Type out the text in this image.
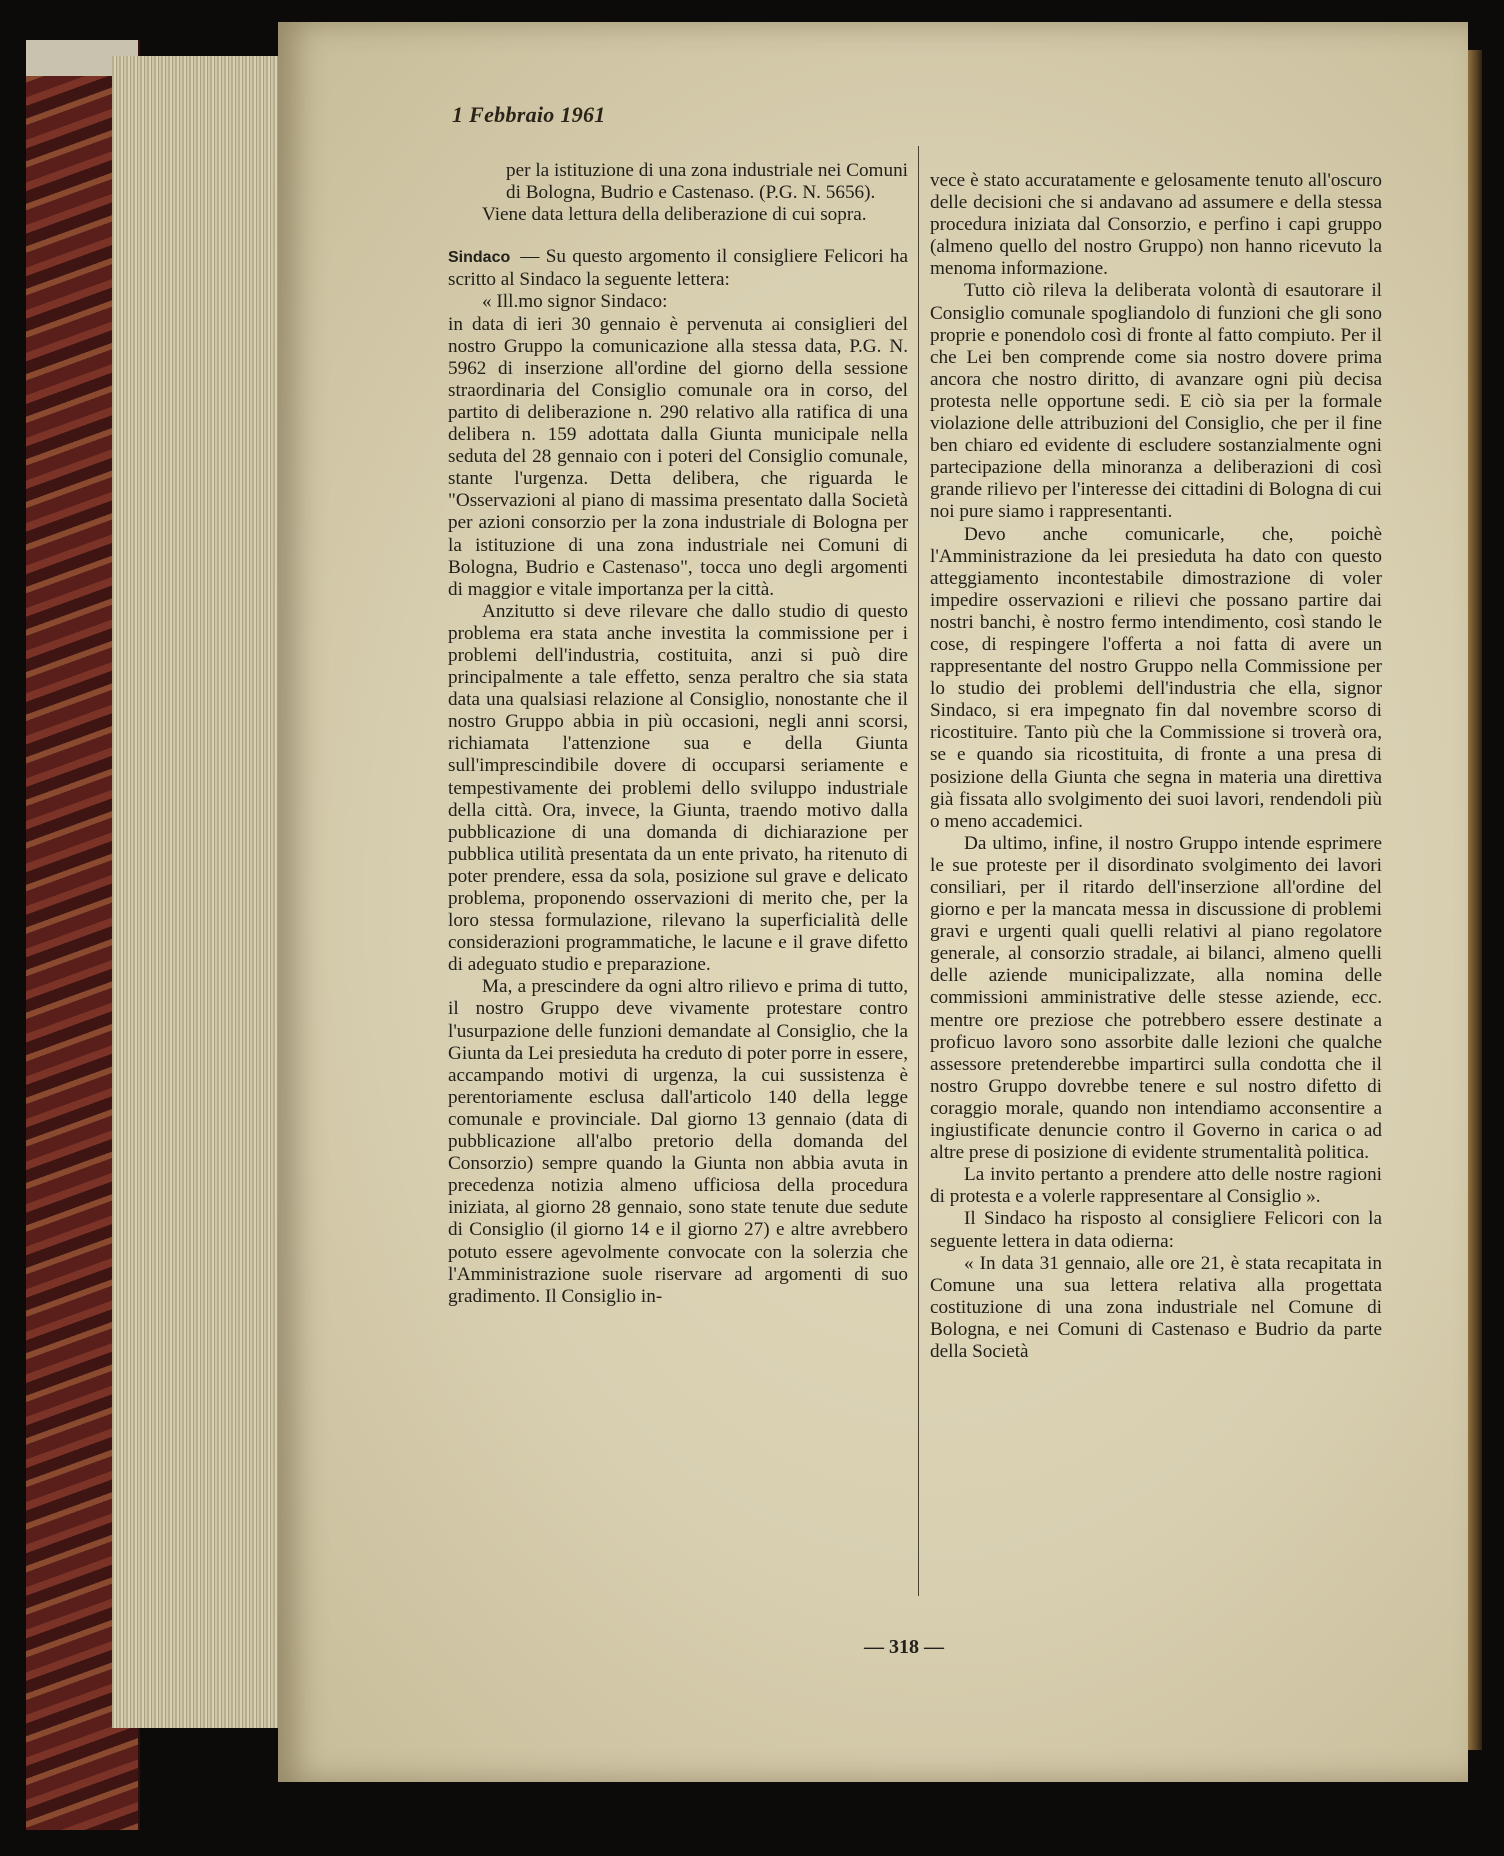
1 Febbraio 1961

per la istituzione di una zona industriale nei Comuni di Bologna, Budrio e Castenaso. (P.G. N. 5656).

Viene data lettura della deliberazione di cui sopra.

Sindaco — Su questo argomento il consigliere Felicori ha scritto al Sindaco la seguente lettera:

« Ill.mo signor Sindaco:

in data di ieri 30 gennaio è pervenuta ai consiglieri del nostro Gruppo la comunicazione alla stessa data, P.G. N. 5962 di inserzione all'ordine del giorno della sessione straordinaria del Consiglio comunale ora in corso, del partito di deliberazione n. 290 relativo alla ratifica di una delibera n. 159 adottata dalla Giunta municipale nella seduta del 28 gennaio con i poteri del Consiglio comunale, stante l'urgenza. Detta delibera, che riguarda le "Osservazioni al piano di massima presentato dalla Società per azioni consorzio per la zona industriale di Bologna per la istituzione di una zona industriale nei Comuni di Bologna, Budrio e Castenaso", tocca uno degli argomenti di maggior e vitale importanza per la città.

Anzitutto si deve rilevare che dallo studio di questo problema era stata anche investita la commissione per i problemi dell'industria, costituita, anzi si può dire principalmente a tale effetto, senza peraltro che sia stata data una qualsiasi relazione al Consiglio, nonostante che il nostro Gruppo abbia in più occasioni, negli anni scorsi, richiamata l'attenzione sua e della Giunta sull'imprescindibile dovere di occuparsi seriamente e tempestivamente dei problemi dello sviluppo industriale della città. Ora, invece, la Giunta, traendo motivo dalla pubblicazione di una domanda di dichiarazione per pubblica utilità presentata da un ente privato, ha ritenuto di poter prendere, essa da sola, posizione sul grave e delicato problema, proponendo osservazioni di merito che, per la loro stessa formulazione, rilevano la superficialità delle considerazioni programmatiche, le lacune e il grave difetto di adeguato studio e preparazione.

Ma, a prescindere da ogni altro rilievo e prima di tutto, il nostro Gruppo deve vivamente protestare contro l'usurpazione delle funzioni demandate al Consiglio, che la Giunta da Lei presieduta ha creduto di poter porre in essere, accampando motivi di urgenza, la cui sussistenza è perentoriamente esclusa dall'articolo 140 della legge comunale e provinciale. Dal giorno 13 gennaio (data di pubblicazione all'albo pretorio della domanda del Consorzio) sempre quando la Giunta non abbia avuta in precedenza notizia almeno ufficiosa della procedura iniziata, al giorno 28 gennaio, sono state tenute due sedute di Consiglio (il giorno 14 e il giorno 27) e altre avrebbero potuto essere agevolmente convocate con la solerzia che l'Amministrazione suole riservare ad argomenti di suo gradimento. Il Consiglio in-

vece è stato accuratamente e gelosamente tenuto all'oscuro delle decisioni che si andavano ad assumere e della stessa procedura iniziata dal Consorzio, e perfino i capi gruppo (almeno quello del nostro Gruppo) non hanno ricevuto la menoma informazione.

Tutto ciò rileva la deliberata volontà di esautorare il Consiglio comunale spogliandolo di funzioni che gli sono proprie e ponendolo così di fronte al fatto compiuto. Per il che Lei ben comprende come sia nostro dovere prima ancora che nostro diritto, di avanzare ogni più decisa protesta nelle opportune sedi. E ciò sia per la formale violazione delle attribuzioni del Consiglio, che per il fine ben chiaro ed evidente di escludere sostanzialmente ogni partecipazione della minoranza a deliberazioni di così grande rilievo per l'interesse dei cittadini di Bologna di cui noi pure siamo i rappresentanti.

Devo anche comunicarle, che, poichè l'Amministrazione da lei presieduta ha dato con questo atteggiamento incontestabile dimostrazione di voler impedire osservazioni e rilievi che possano partire dai nostri banchi, è nostro fermo intendimento, così stando le cose, di respingere l'offerta a noi fatta di avere un rappresentante del nostro Gruppo nella Commissione per lo studio dei problemi dell'industria che ella, signor Sindaco, si era impegnato fin dal novembre scorso di ricostituire. Tanto più che la Commissione si troverà ora, se e quando sia ricostituita, di fronte a una presa di posizione della Giunta che segna in materia una direttiva già fissata allo svolgimento dei suoi lavori, rendendoli più o meno accademici.

Da ultimo, infine, il nostro Gruppo intende esprimere le sue proteste per il disordinato svolgimento dei lavori consiliari, per il ritardo dell'inserzione all'ordine del giorno e per la mancata messa in discussione di problemi gravi e urgenti quali quelli relativi al piano regolatore generale, al consorzio stradale, ai bilanci, almeno quelli delle aziende municipalizzate, alla nomina delle commissioni amministrative delle stesse aziende, ecc. mentre ore preziose che potrebbero essere destinate a proficuo lavoro sono assorbite dalle lezioni che qualche assessore pretenderebbe impartirci sulla condotta che il nostro Gruppo dovrebbe tenere e sul nostro difetto di coraggio morale, quando non intendiamo acconsentire a ingiustificate denuncie contro il Governo in carica o ad altre prese di posizione di evidente strumentalità politica.

La invito pertanto a prendere atto delle nostre ragioni di protesta e a volerle rappresentare al Consiglio ».

Il Sindaco ha risposto al consigliere Felicori con la seguente lettera in data odierna:

« In data 31 gennaio, alle ore 21, è stata recapitata in Comune una sua lettera relativa alla progettata costituzione di una zona industriale nel Comune di Bologna, e nei Comuni di Castenaso e Budrio da parte della Società

— 318 —
